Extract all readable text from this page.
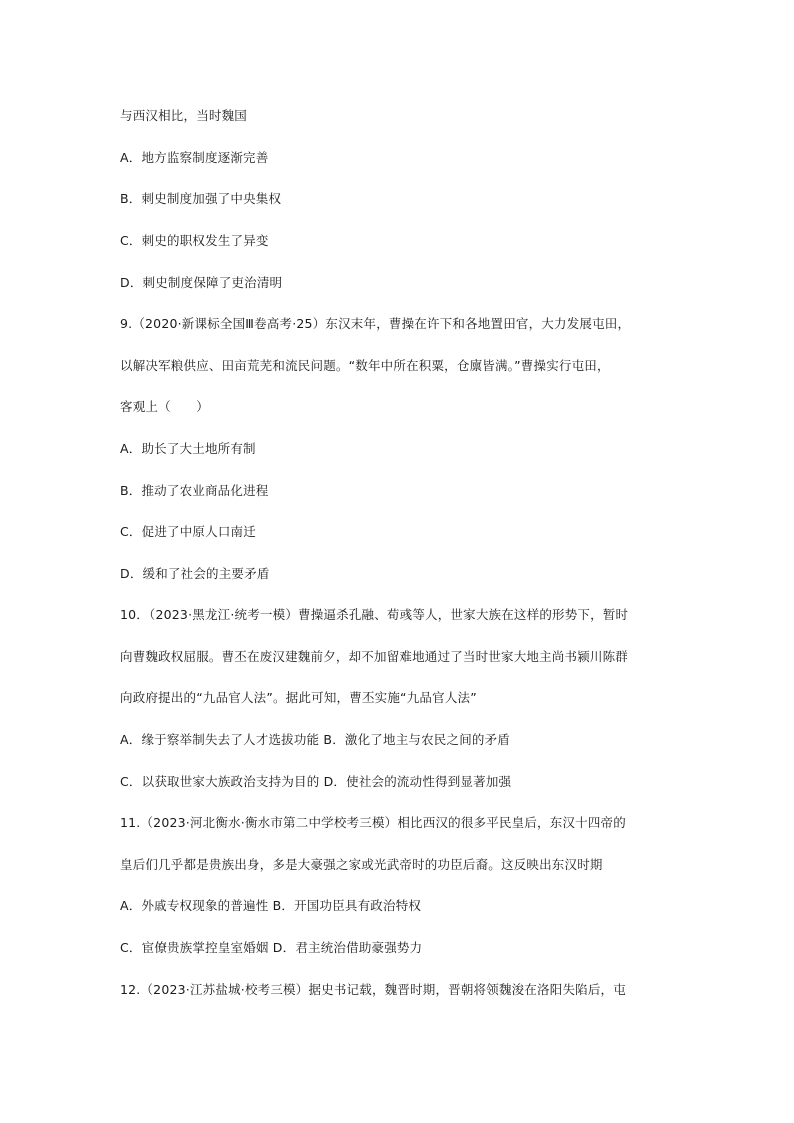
与西汉相比，当时魏国
A．地方监察制度逐渐完善
B．刺史制度加强了中央集权
C．刺史的职权发生了异变
D．刺史制度保障了吏治清明
9.（2020·新课标全国Ⅲ卷高考·25）东汉末年，曹操在许下和各地置田官，大力发展屯田，
以解决军粮供应、田亩荒芜和流民问题。“数年中所在积粟，仓廪皆满。”曹操实行屯田，
客观上（　　）
A．助长了大土地所有制
B．推动了农业商品化进程
C．促进了中原人口南迁
D．缓和了社会的主要矛盾
10．（2023·黑龙江·统考一模）曹操逼杀孔融、荀彧等人，世家大族在这样的形势下，暂时
向曹魏政权屈服。曹丕在废汉建魏前夕，却不加留难地通过了当时世家大地主尚书颍川陈群
向政府提出的“九品官人法”。据此可知，曹丕实施“九品官人法”
A．缘于察举制失去了人才选拔功能 B．激化了地主与农民之间的矛盾
C．以获取世家大族政治支持为目的 D．使社会的流动性得到显著加强
11.（2023·河北衡水·衡水市第二中学校考三模）相比西汉的很多平民皇后，东汉十四帝的
皇后们几乎都是贵族出身，多是大豪强之家或光武帝时的功臣后裔。这反映出东汉时期
A．外戚专权现象的普遍性 B．开国功臣具有政治特权
C．宦僚贵族掌控皇室婚姻 D．君主统治借助豪强势力
12.（2023·江苏盐城·校考三模）据史书记载，魏晋时期，晋朝将领魏浚在洛阳失陷后，屯
